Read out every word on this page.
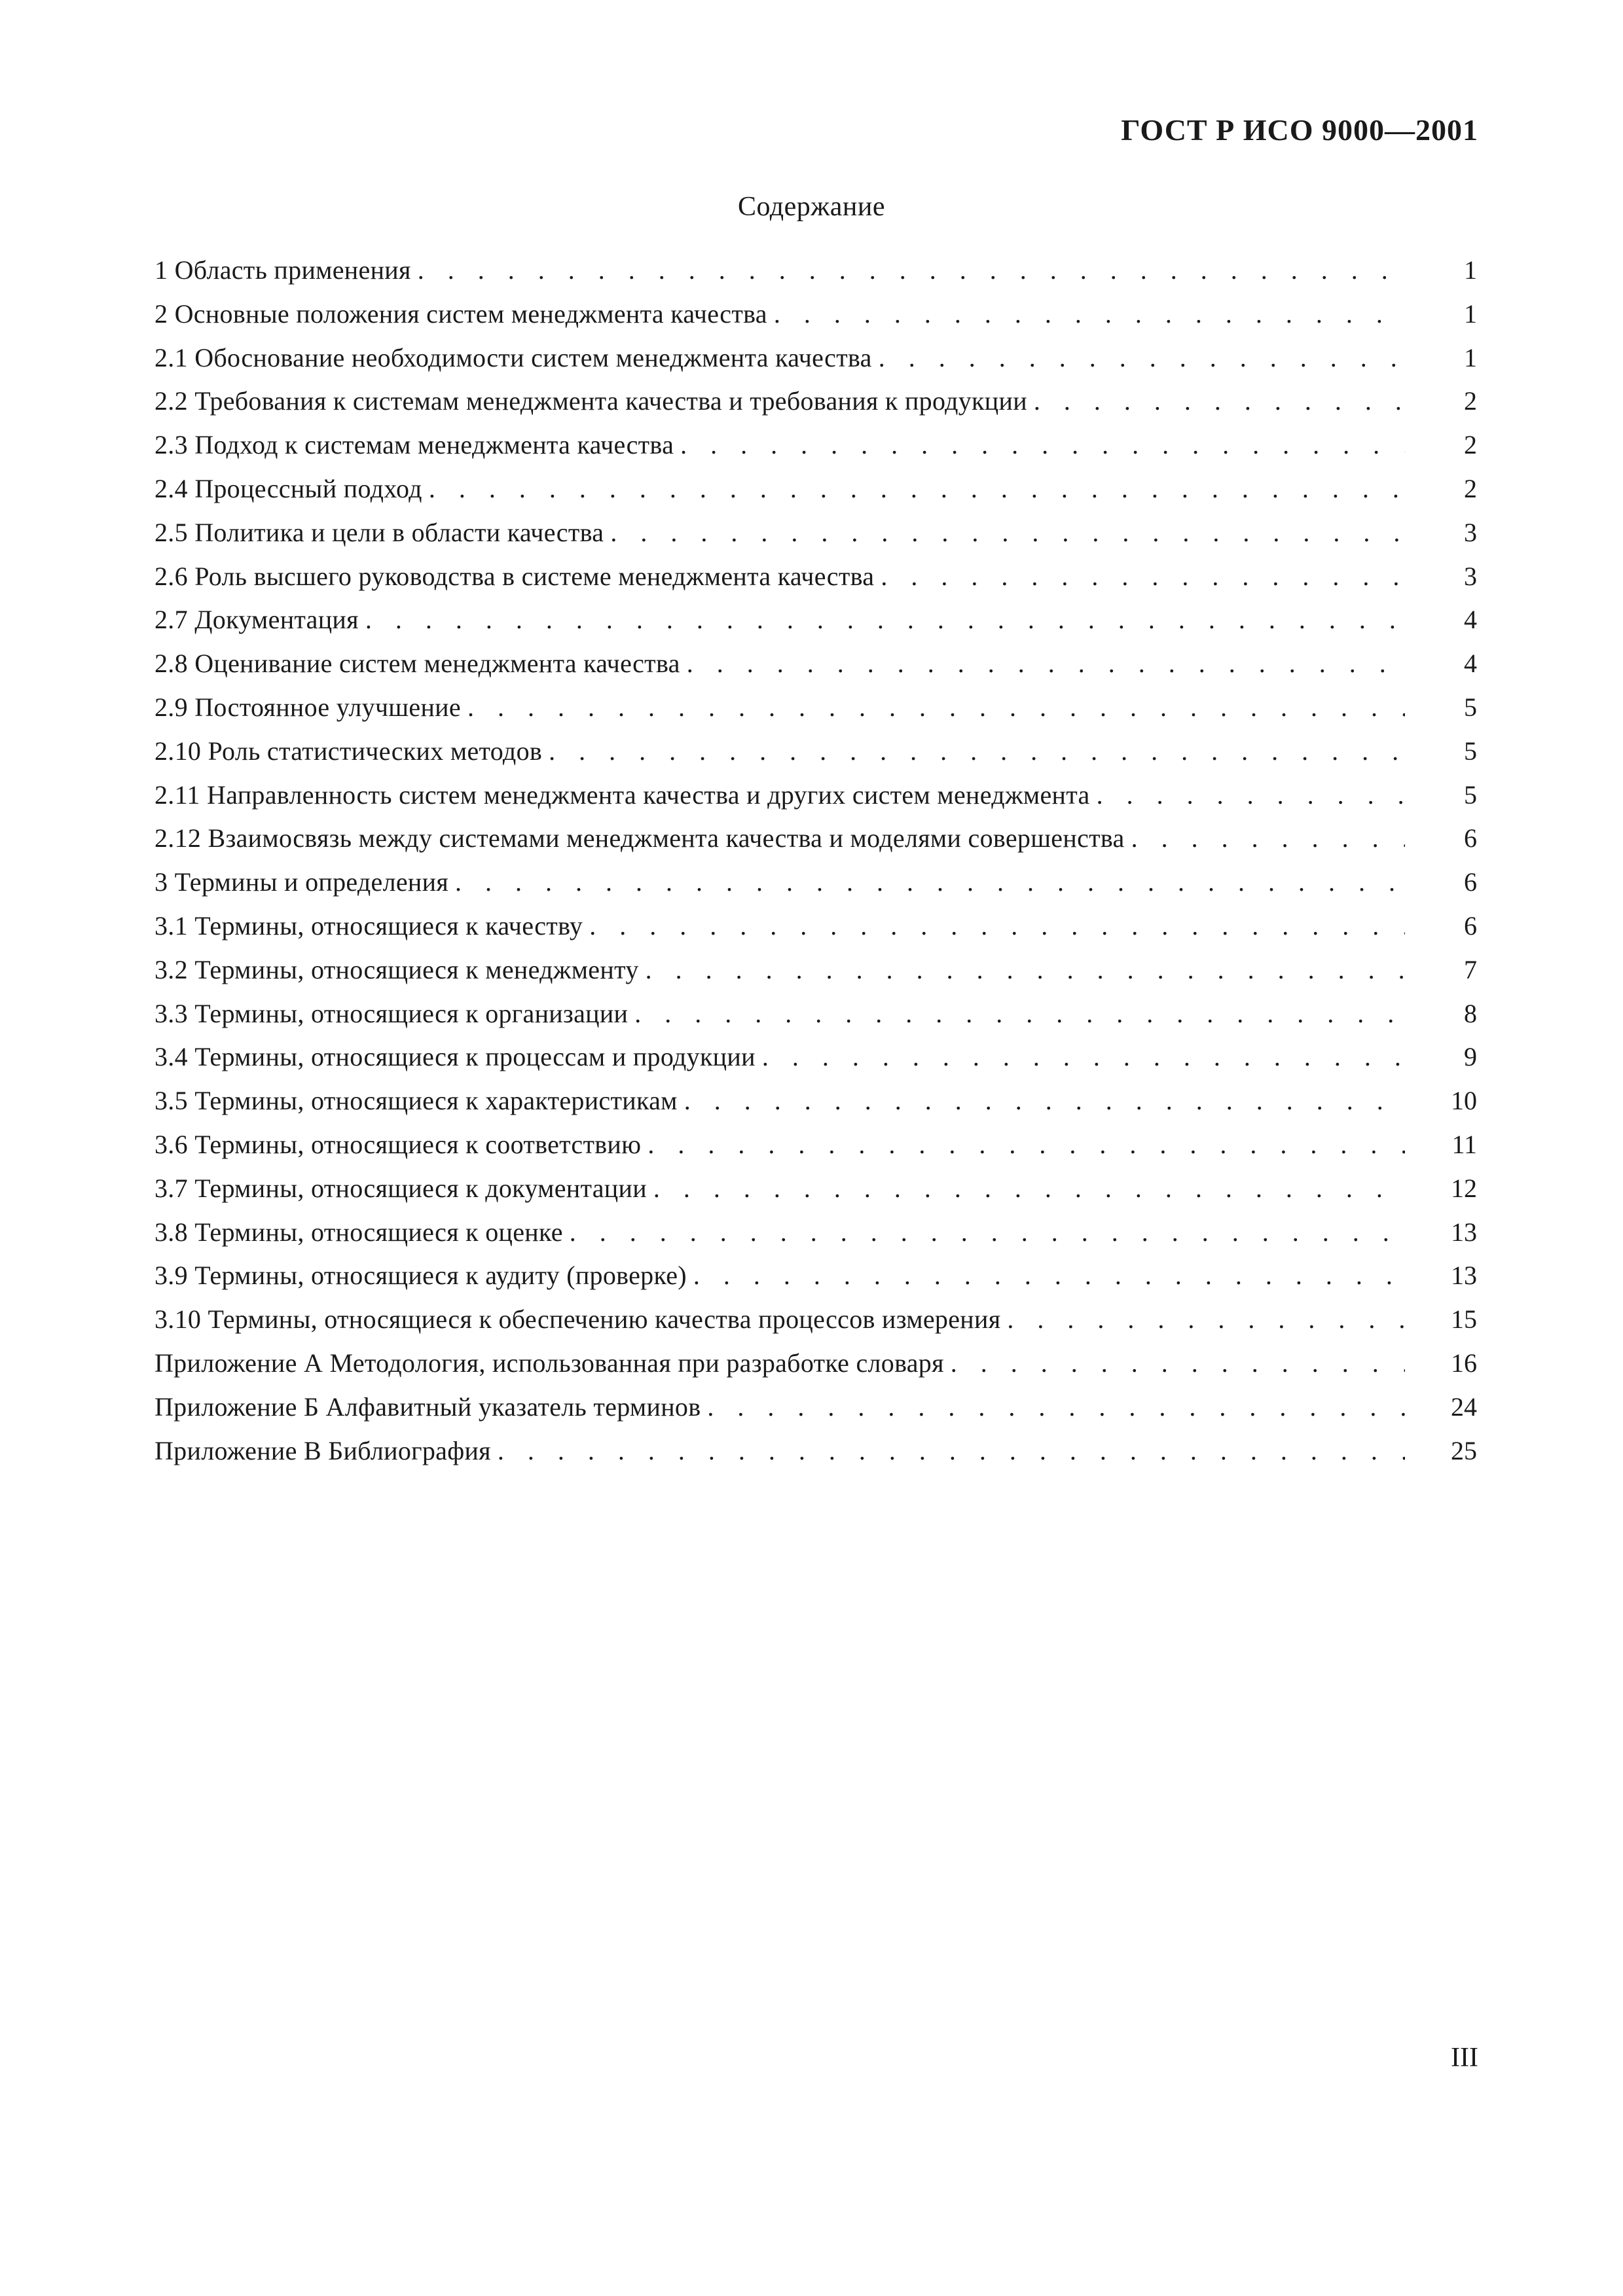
ГОСТ Р ИСО 9000—2001
Содержание
1 Область применения . . .	1
2 Основные положения систем менеджмента качества . . .	1
2.1 Обоснование необходимости систем менеджмента качества . . .	1
2.2 Требования к системам менеджмента качества и требования к продукции . . .	2
2.3 Подход к системам менеджмента качества . . .	2
2.4 Процессный подход . . .	2
2.5 Политика и цели в области качества . . .	3
2.6 Роль высшего руководства в системе менеджмента качества . . .	3
2.7 Документация . . .	4
2.8 Оценивание систем менеджмента качества . . .	4
2.9 Постоянное улучшение . . .	5
2.10 Роль статистических методов . . .	5
2.11 Направленность систем менеджмента качества и других систем менеджмента . . .	5
2.12 Взаимосвязь между системами менеджмента качества и моделями совершенства . . .	6
3 Термины и определения . . .	6
3.1 Термины, относящиеся к качеству . . .	6
3.2 Термины, относящиеся к менеджменту . . .	7
3.3 Термины, относящиеся к организации . . .	8
3.4 Термины, относящиеся к процессам и продукции . . .	9
3.5 Термины, относящиеся к характеристикам . . .	10
3.6 Термины, относящиеся к соответствию . . .	11
3.7 Термины, относящиеся к документации . . .	12
3.8 Термины, относящиеся к оценке . . .	13
3.9 Термины, относящиеся к аудиту (проверке) . . .	13
3.10 Термины, относящиеся к обеспечению качества процессов измерения . . .	15
Приложение А Методология, использованная при разработке словаря . . .	16
Приложение Б Алфавитный указатель терминов . . .	24
Приложение В Библиография . . .	25
III
